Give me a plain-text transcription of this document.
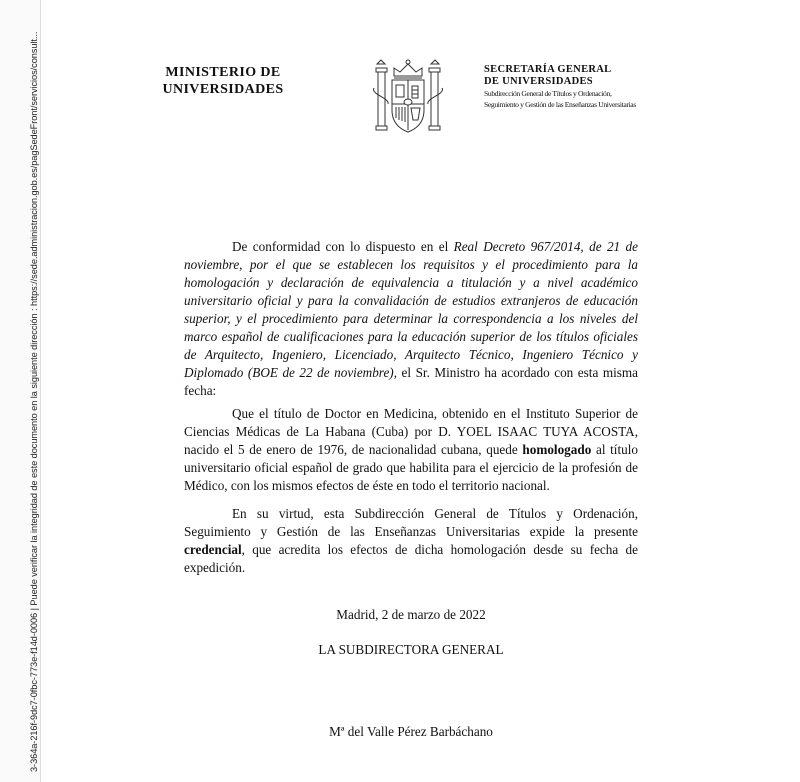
3-364a-216f-9dc7-0fbc-773e-f14d-0006 | Puede verificar la integridad de este documento en la siguiente dirección : https://sede.administracion.gob.es/pagSedeFront/servicios/consult...	MINISTERIO DE
UNIVERSIDADES
SECRETARÍA GENERAL
DE UNIVERSIDADES
Subdirección General de Títulos y Ordenación,
Seguimiento y Gestión de las Enseñanzas Universitarias

De conformidad con lo dispuesto en el Real Decreto 967/2014, de 21 de noviembre, por el que se establecen los requisitos y el procedimiento para la homologación y declaración de equivalencia a titulación y a nivel académico universitario oficial y para la convalidación de estudios extranjeros de educación superior, y el procedimiento para determinar la correspondencia a los niveles del marco español de cualificaciones para la educación superior de los títulos oficiales de Arquitecto, Ingeniero, Licenciado, Arquitecto Técnico, Ingeniero Técnico y Diplomado (BOE de 22 de noviembre), el Sr. Ministro ha acordado con esta misma fecha:

Que el título de Doctor en Medicina, obtenido en el Instituto Superior de Ciencias Médicas de La Habana (Cuba) por D. YOEL ISAAC TUYA ACOSTA, nacido el 5 de enero de 1976, de nacionalidad cubana, quede homologado al título universitario oficial español de grado que habilita para el ejercicio de la profesión de Médico, con los mismos efectos de éste en todo el territorio nacional.

En su virtud, esta Subdirección General de Títulos y Ordenación, Seguimiento y Gestión de las Enseñanzas Universitarias expide la presente credencial, que acredita los efectos de dicha homologación desde su fecha de expedición.

Madrid, 2 de marzo de 2022

LA SUBDIRECTORA GENERAL

Mª del Valle Pérez Barbáchano
